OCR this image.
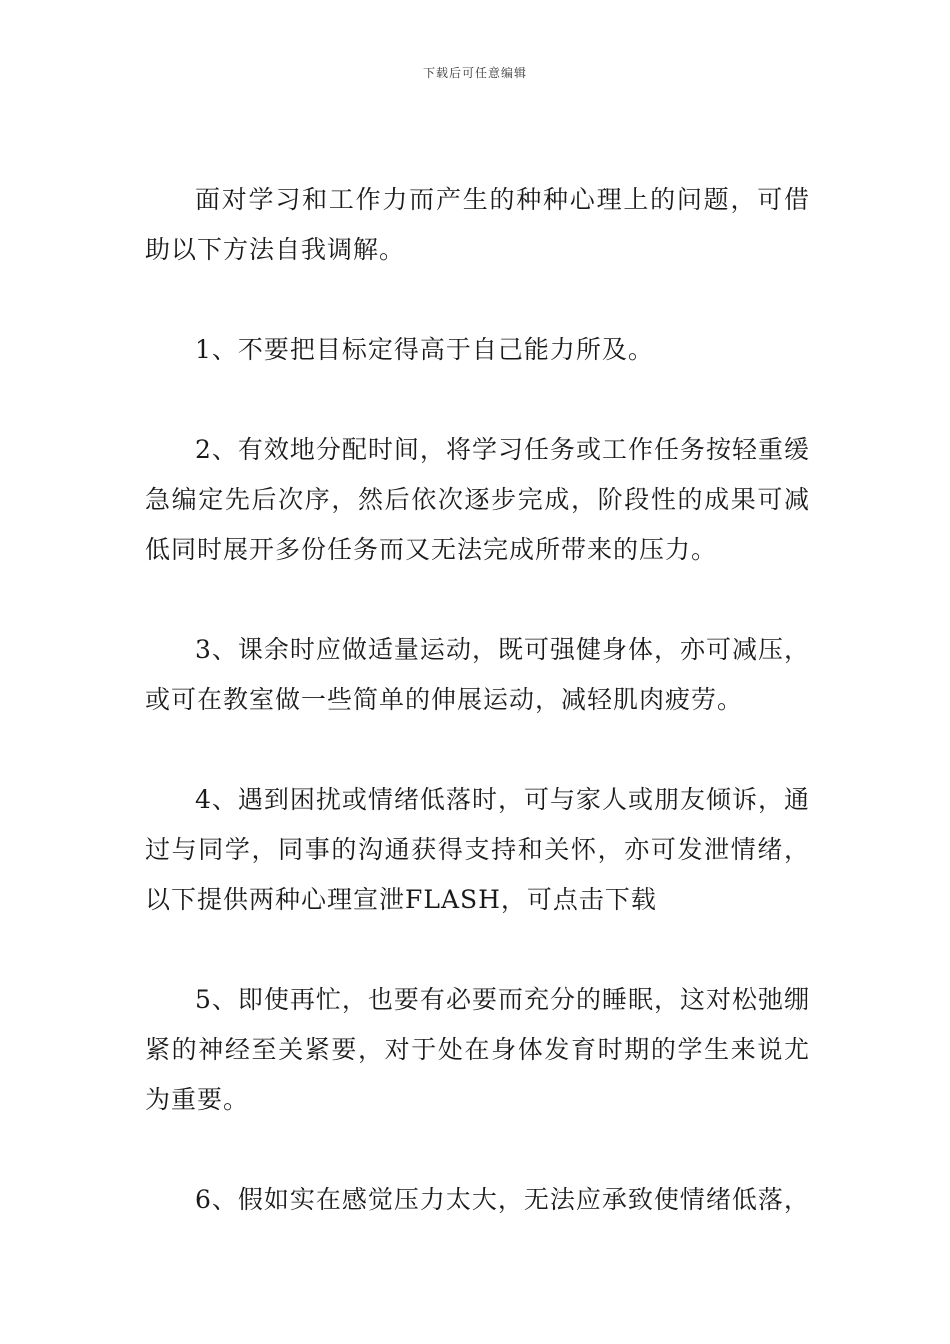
下载后可任意编辑

面对学习和工作力而产生的种种心理上的问题，可借助以下方法自我调解。

1、不要把目标定得高于自己能力所及。

2、有效地分配时间，将学习任务或工作任务按轻重缓急编定先后次序，然后依次逐步完成，阶段性的成果可减低同时展开多份任务而又无法完成所带来的压力。

3、课余时应做适量运动，既可强健身体，亦可减压，或可在教室做一些简单的伸展运动，减轻肌肉疲劳。

4、遇到困扰或情绪低落时，可与家人或朋友倾诉，通过与同学，同事的沟通获得支持和关怀，亦可发泄情绪，以下提供两种心理宣泄FLASH，可点击下载

5、即使再忙，也要有必要而充分的睡眠，这对松弛绷紧的神经至关紧要，对于处在身体发育时期的学生来说尤为重要。

6、假如实在感觉压力太大，无法应承致使情绪低落，
